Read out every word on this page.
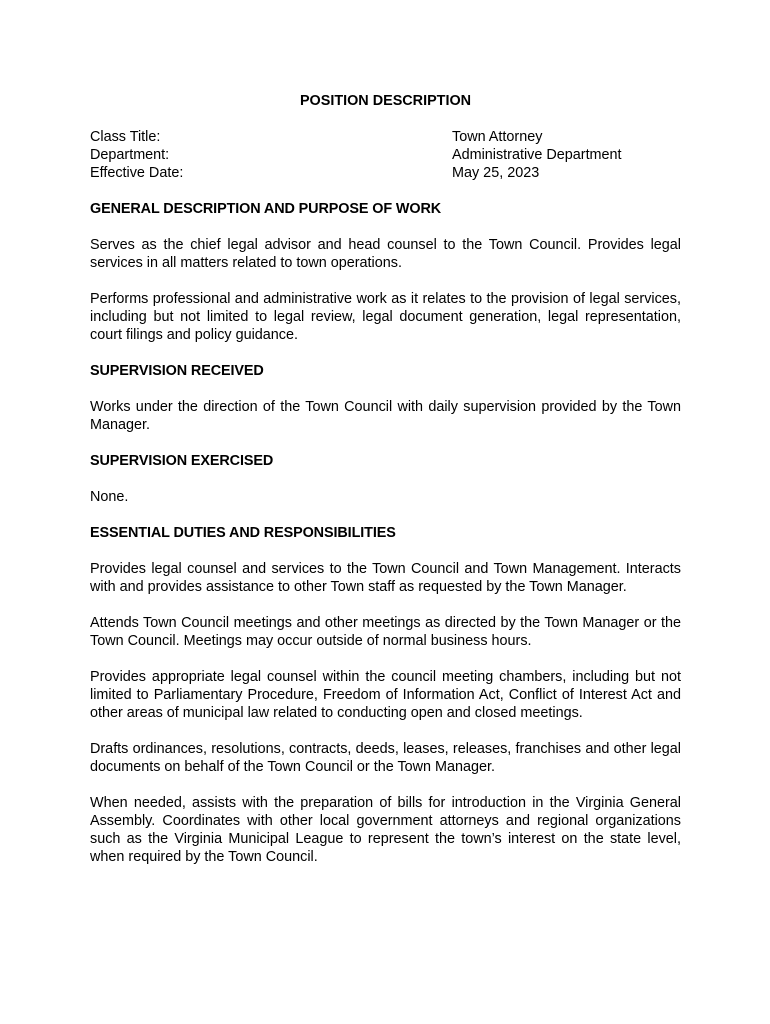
POSITION DESCRIPTION
Class Title:	Town Attorney
Department:	Administrative Department
Effective Date:	May 25, 2023
GENERAL DESCRIPTION AND PURPOSE OF WORK

Serves as the chief legal advisor and head counsel to the Town Council. Provides legal services in all matters related to town operations.

Performs professional and administrative work as it relates to the provision of legal services, including but not limited to legal review, legal document generation, legal representation, court filings and policy guidance.

SUPERVISION RECEIVED

Works under the direction of the Town Council with daily supervision provided by the Town Manager.

SUPERVISION EXERCISED

None.

ESSENTIAL DUTIES AND RESPONSIBILITIES

Provides legal counsel and services to the Town Council and Town Management. Interacts with and provides assistance to other Town staff as requested by the Town Manager.

Attends Town Council meetings and other meetings as directed by the Town Manager or the Town Council. Meetings may occur outside of normal business hours.

Provides appropriate legal counsel within the council meeting chambers, including but not limited to Parliamentary Procedure, Freedom of Information Act, Conflict of Interest Act and other areas of municipal law related to conducting open and closed meetings.

Drafts ordinances, resolutions, contracts, deeds, leases, releases, franchises and other legal documents on behalf of the Town Council or the Town Manager.

When needed, assists with the preparation of bills for introduction in the Virginia General Assembly. Coordinates with other local government attorneys and regional organizations such as the Virginia Municipal League to represent the town’s interest on the state level, when required by the Town Council.
